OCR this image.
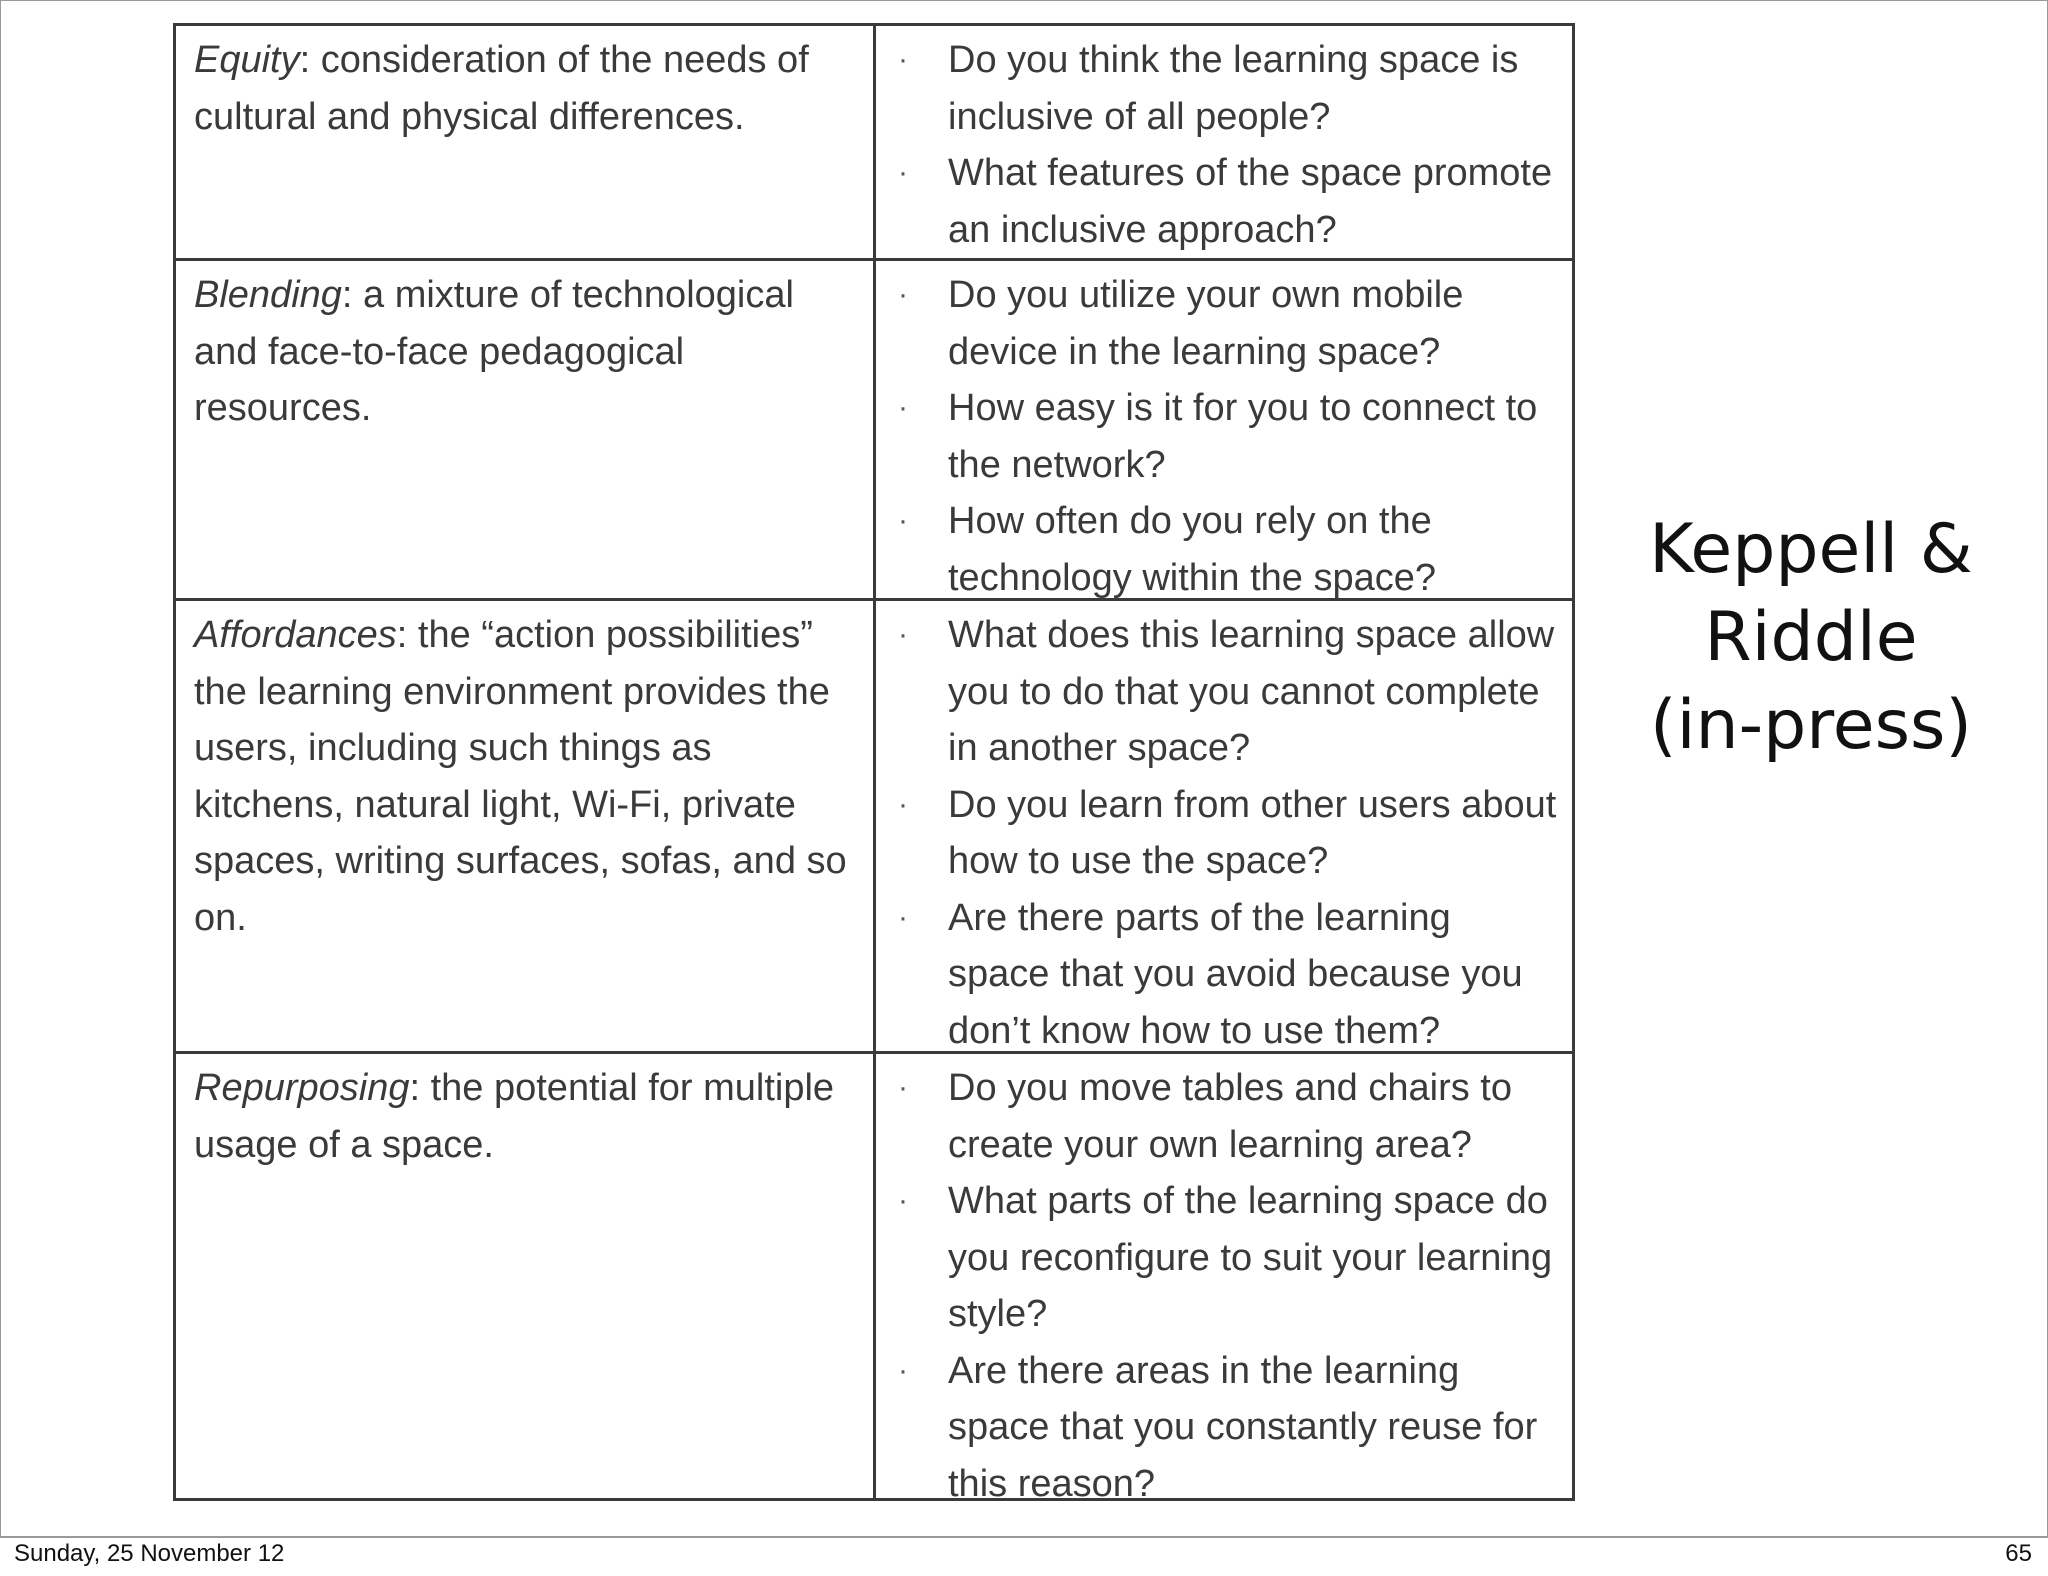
Equity: consideration of the needs of cultural and physical differences.
· Do you think the learning space is inclusive of all people?
· What features of the space promote an inclusive approach?
Blending: a mixture of technological and face-to-face pedagogical resources.
· Do you utilize your own mobile device in the learning space?
· How easy is it for you to connect to the network?
· How often do you rely on the technology within the space?
Affordances: the “action possibilities” the learning environment provides the users, including such things as kitchens, natural light, Wi-Fi, private spaces, writing surfaces, sofas, and so on.
· What does this learning space allow you to do that you cannot complete in another space?
· Do you learn from other users about how to use the space?
· Are there parts of the learning space that you avoid because you don’t know how to use them?
Repurposing: the potential for multiple usage of a space.
· Do you move tables and chairs to create your own learning area?
· What parts of the learning space do you reconfigure to suit your learning style?
· Are there areas in the learning space that you constantly reuse for this reason?
Keppell &
Riddle
(in-press)
Sunday, 25 November 12	65
